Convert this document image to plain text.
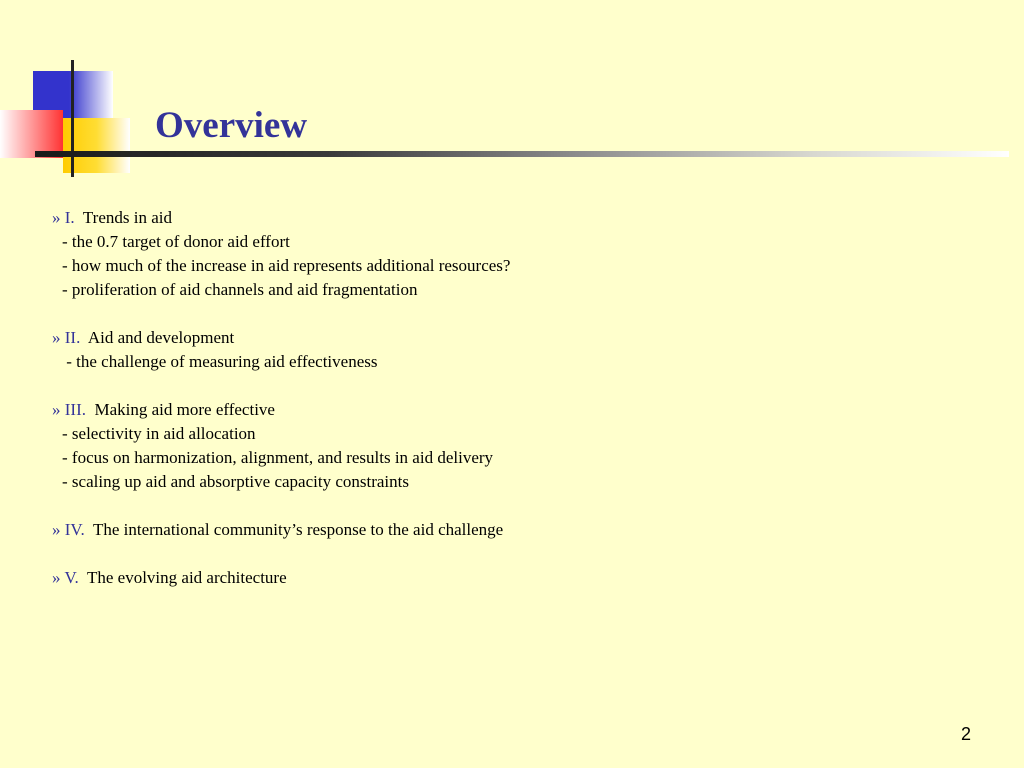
Overview
» I. Trends in aid
- the 0.7 target of donor aid effort
- how much of the increase in aid represents additional resources?
- proliferation of aid channels and aid fragmentation
» II. Aid and development
- the challenge of measuring aid effectiveness
» III. Making aid more effective
- selectivity in aid allocation
- focus on harmonization, alignment, and results in aid delivery
- scaling up aid and absorptive capacity constraints
» IV. The international community’s response to the aid challenge
» V. The evolving aid architecture
2
